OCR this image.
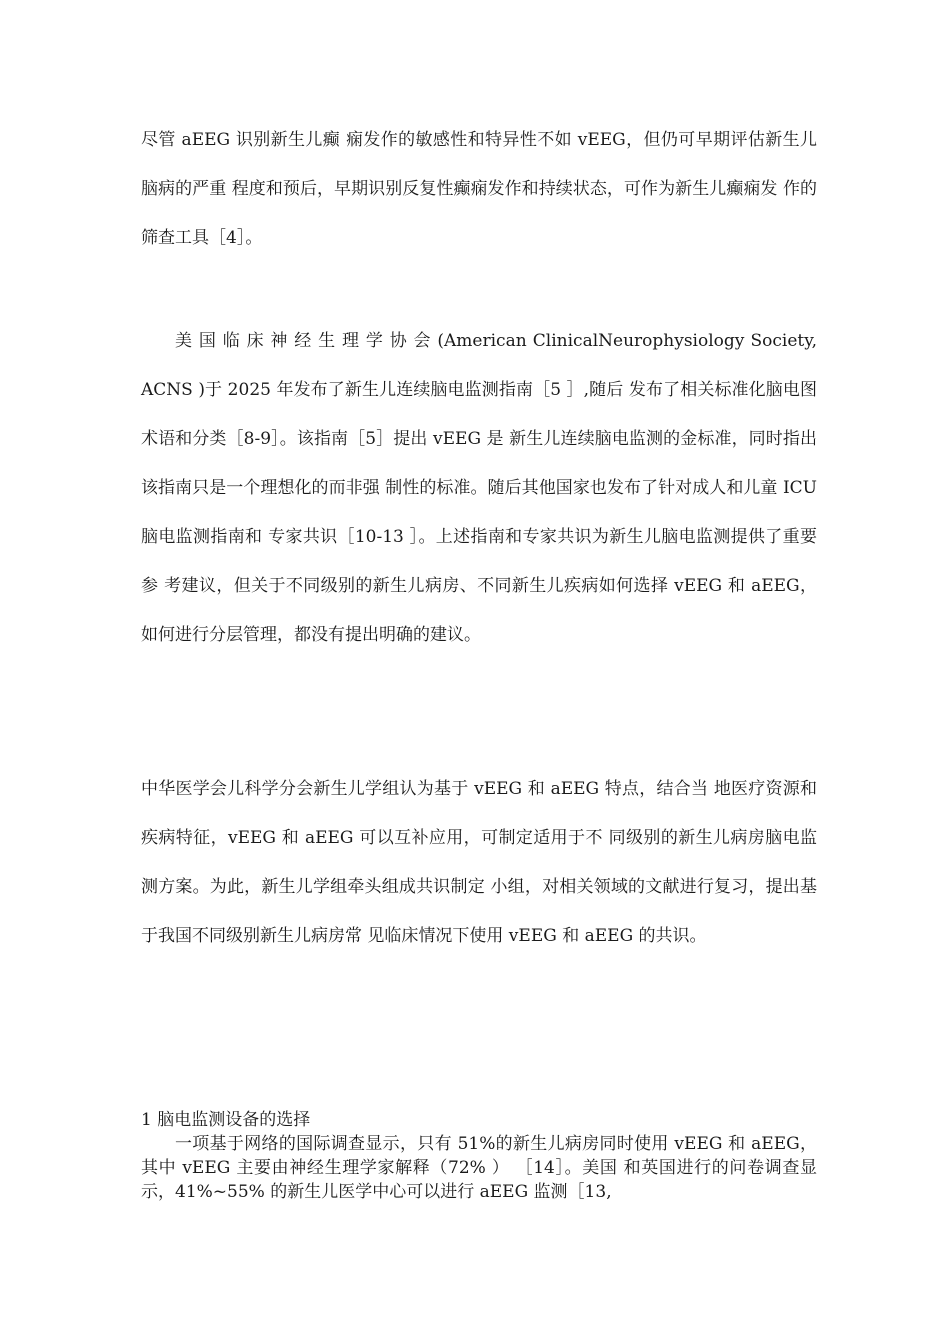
尽管 aEEG 识别新生儿癫 痫发作的敏感性和特异性不如 vEEG，但仍可早期评估新生儿脑病的严重 程度和预后，早期识别反复性癫痫发作和持续状态，可作为新生儿癫痫发 作的筛查工具［4］。

美 国 临 床 神 经 生 理 学 协 会 (American ClinicalNeurophysiology Society, ACNS )于 2025 年发布了新生儿连续脑电监测指南［5 ］,随后 发布了相关标准化脑电图术语和分类［8-9］。该指南［5］提出 vEEG 是 新生儿连续脑电监测的金标准，同时指出该指南只是一个理想化的而非强 制性的标准。随后其他国家也发布了针对成人和儿童 ICU 脑电监测指南和 专家共识［10-13 ］。上述指南和专家共识为新生儿脑电监测提供了重要参 考建议，但关于不同级别的新生儿病房、不同新生儿疾病如何选择 vEEG 和 aEEG，如何进行分层管理，都没有提出明确的建议。

中华医学会儿科学分会新生儿学组认为基于 vEEG 和 aEEG 特点，结合当 地医疗资源和疾病特征，vEEG 和 aEEG 可以互补应用，可制定适用于不 同级别的新生儿病房脑电监测方案。为此，新生儿学组牵头组成共识制定 小组，对相关领域的文献进行复习，提出基于我国不同级别新生儿病房常 见临床情况下使用 vEEG 和 aEEG 的共识。

1 脑电监测设备的选择

一项基于网络的国际调查显示，只有 51%的新生儿病房同时使用 vEEG 和 aEEG，其中 vEEG 主要由神经生理学家解释（72% ） ［14］。美国 和英国进行的问卷调查显示，41%~55% 的新生儿医学中心可以进行 aEEG 监测［13,
